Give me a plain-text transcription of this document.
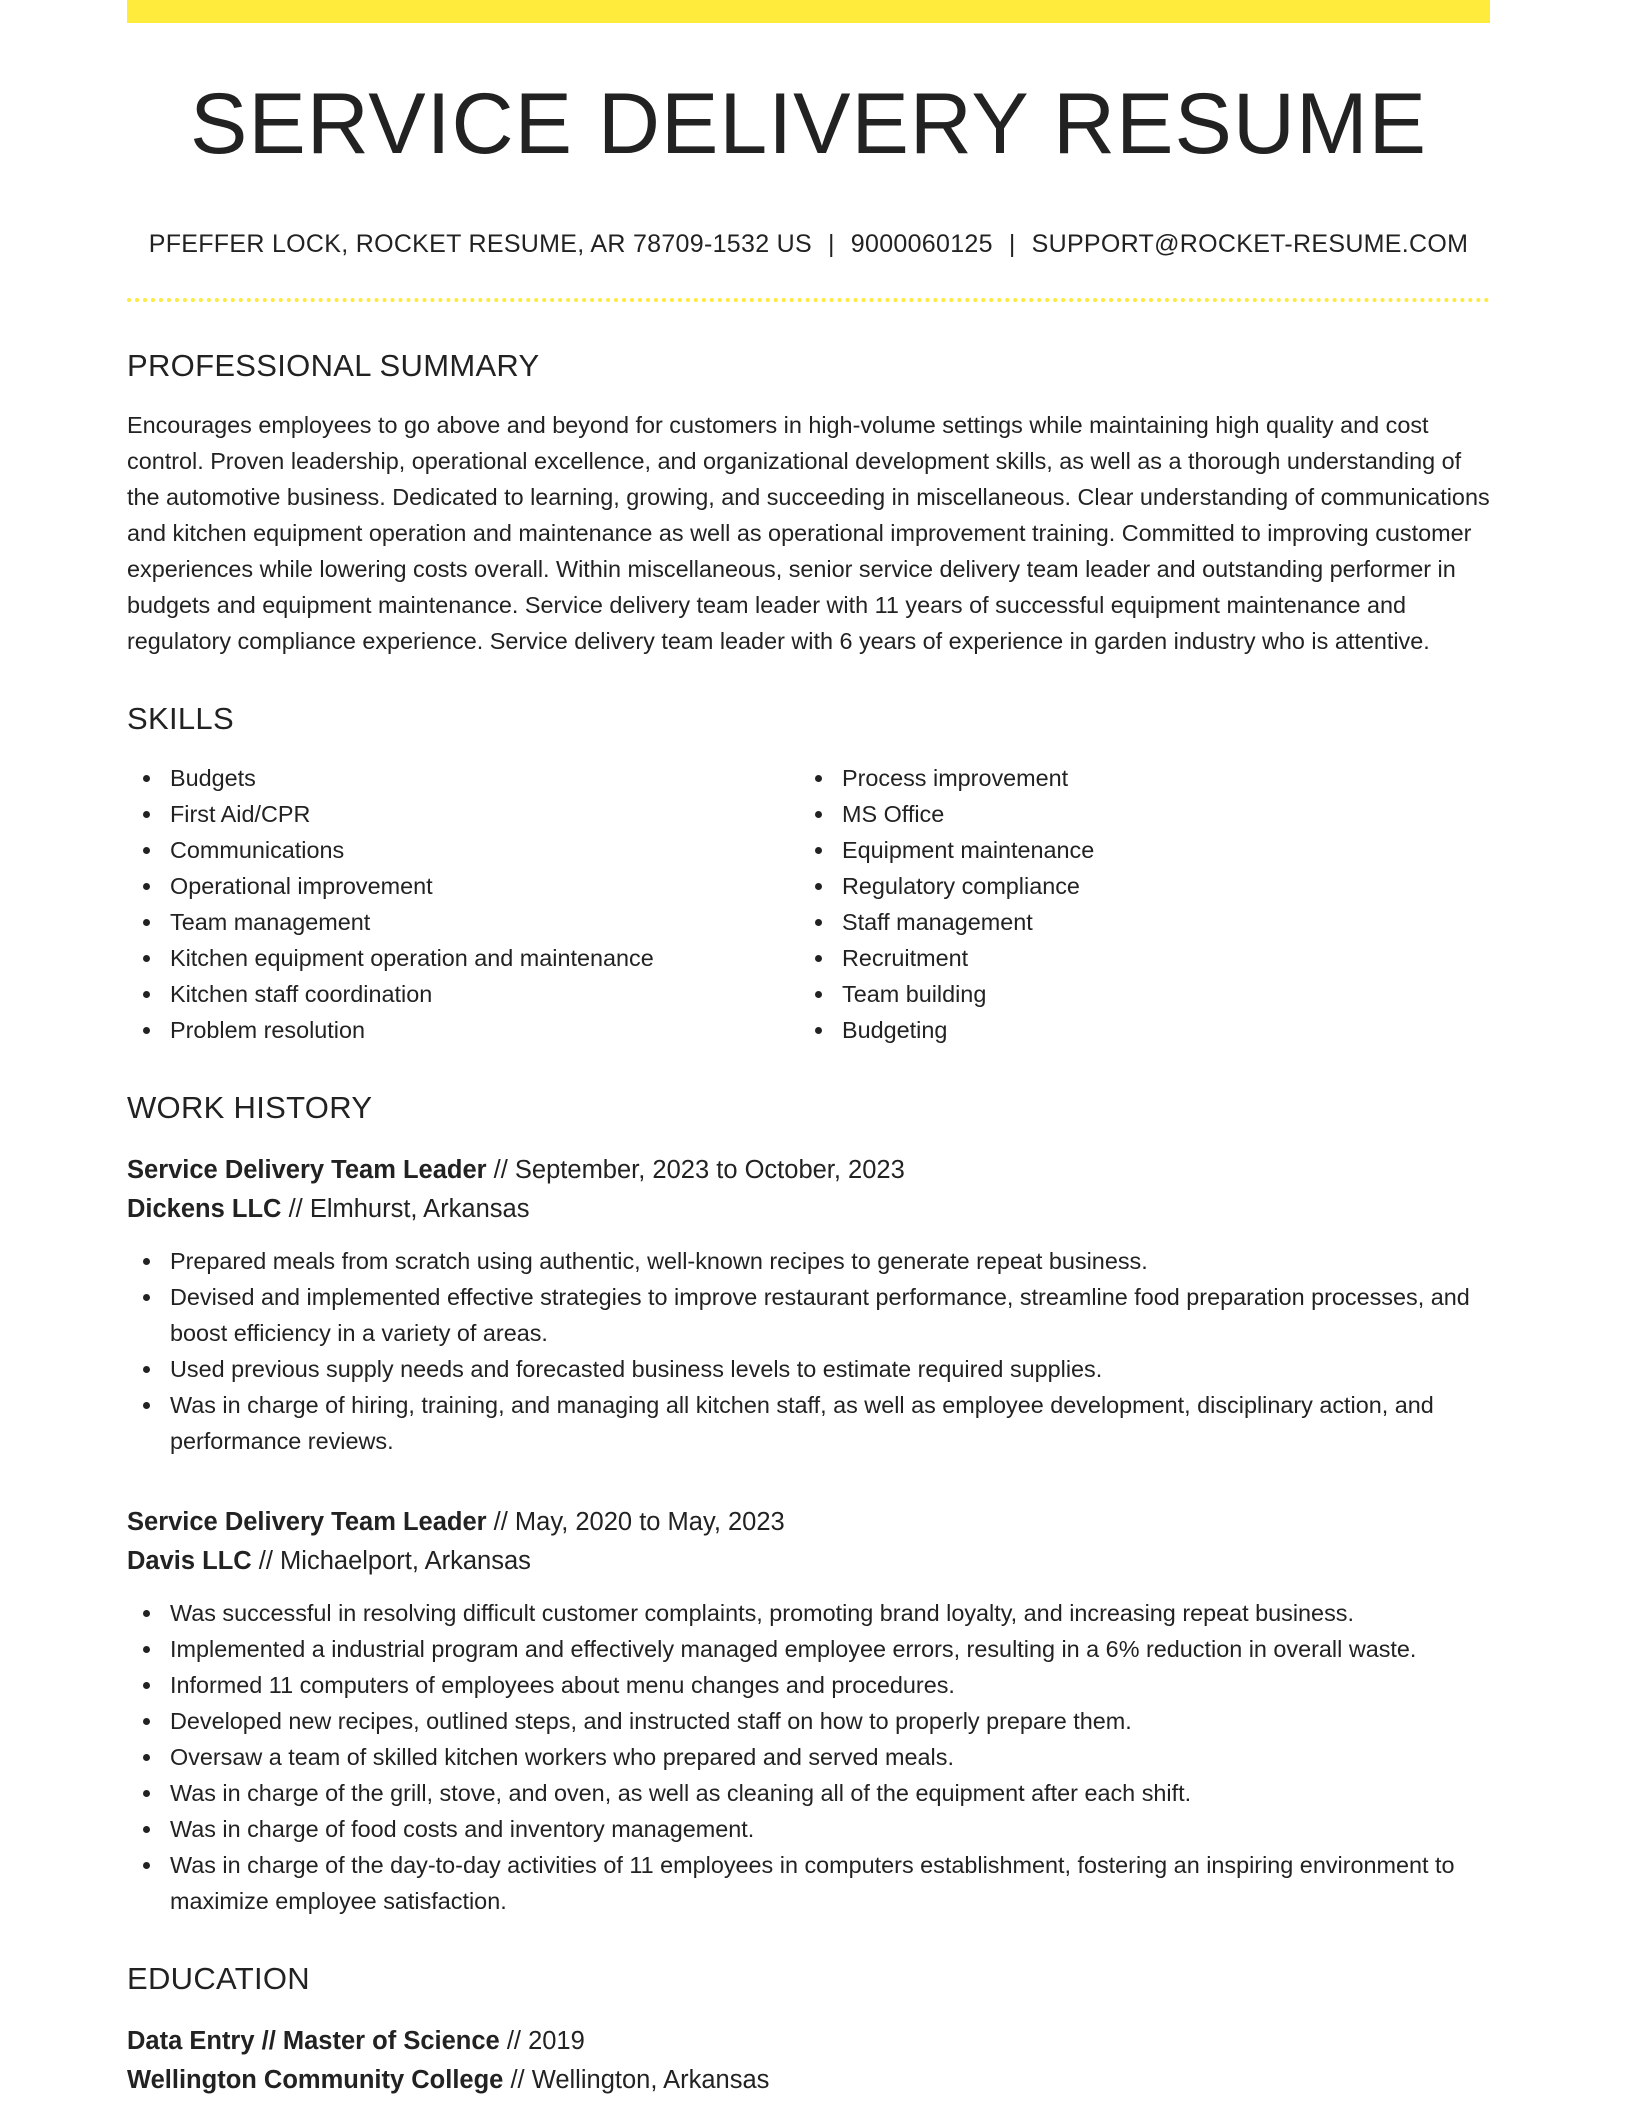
SERVICE DELIVERY RESUME
PFEFFER LOCK, ROCKET RESUME, AR 78709-1532 US | 9000060125 | SUPPORT@ROCKET-RESUME.COM
PROFESSIONAL SUMMARY
Encourages employees to go above and beyond for customers in high-volume settings while maintaining high quality and cost control. Proven leadership, operational excellence, and organizational development skills, as well as a thorough understanding of the automotive business. Dedicated to learning, growing, and succeeding in miscellaneous. Clear understanding of communications and kitchen equipment operation and maintenance as well as operational improvement training. Committed to improving customer experiences while lowering costs overall. Within miscellaneous, senior service delivery team leader and outstanding performer in budgets and equipment maintenance. Service delivery team leader with 11 years of successful equipment maintenance and regulatory compliance experience. Service delivery team leader with 6 years of experience in garden industry who is attentive.
SKILLS
Budgets
First Aid/CPR
Communications
Operational improvement
Team management
Kitchen equipment operation and maintenance
Kitchen staff coordination
Problem resolution
Process improvement
MS Office
Equipment maintenance
Regulatory compliance
Staff management
Recruitment
Team building
Budgeting
WORK HISTORY
Service Delivery Team Leader // September, 2023 to October, 2023
Dickens LLC // Elmhurst, Arkansas
Prepared meals from scratch using authentic, well-known recipes to generate repeat business.
Devised and implemented effective strategies to improve restaurant performance, streamline food preparation processes, and boost efficiency in a variety of areas.
Used previous supply needs and forecasted business levels to estimate required supplies.
Was in charge of hiring, training, and managing all kitchen staff, as well as employee development, disciplinary action, and performance reviews.
Service Delivery Team Leader // May, 2020 to May, 2023
Davis LLC // Michaelport, Arkansas
Was successful in resolving difficult customer complaints, promoting brand loyalty, and increasing repeat business.
Implemented a industrial program and effectively managed employee errors, resulting in a 6% reduction in overall waste.
Informed 11 computers of employees about menu changes and procedures.
Developed new recipes, outlined steps, and instructed staff on how to properly prepare them.
Oversaw a team of skilled kitchen workers who prepared and served meals.
Was in charge of the grill, stove, and oven, as well as cleaning all of the equipment after each shift.
Was in charge of food costs and inventory management.
Was in charge of the day-to-day activities of 11 employees in computers establishment, fostering an inspiring environment to maximize employee satisfaction.
EDUCATION
Data Entry // Master of Science // 2019
Wellington Community College // Wellington, Arkansas
